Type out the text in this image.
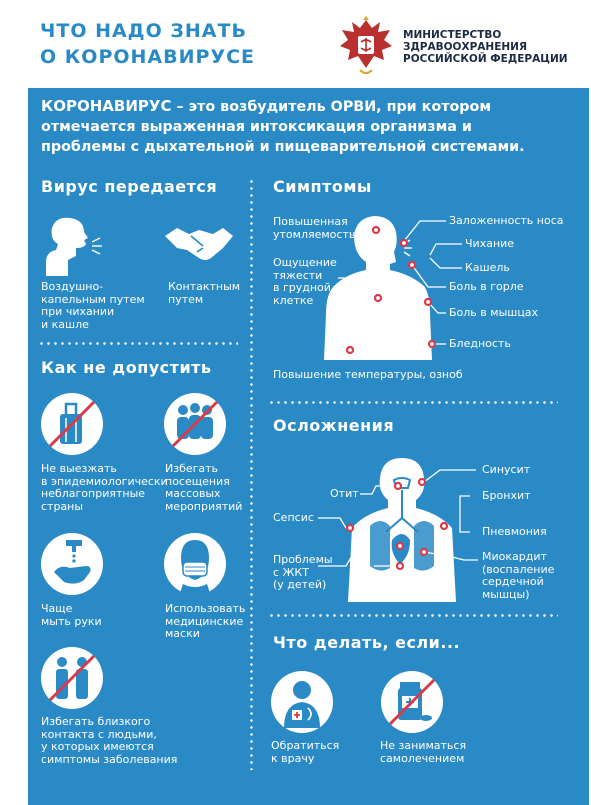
ЧТО НАДО ЗНАТЬ
О КОРОНАВИРУСЕ
МИНИСТЕРСТВО
ЗДРАВООХРАНЕНИЯ
РОССИЙСКОЙ ФЕДЕРАЦИИ
КОРОНАВИРУС – это возбудитель ОРВИ, при котором отмечается выраженная интоксикация организма и проблемы с дыхательной и пищеварительной системами.
Вирус передается
Воздушно-
капельным путем
при чихании
и кашле
Контактным
путем
Как не допустить
Не выезжать
в эпидемиологически
неблагоприятные
страны
Избегать
посещения
массовых
мероприятий
Чаще
мыть руки
Использовать
медицинские
маски
Избегать близкого
контакта с людьми,
у которых имеются
симптомы заболевания
Симптомы
Повышенная
утомляемость
Ощущение
тяжести
в грудной
клетке
Заложенность носа
Чихание
Кашель
Боль в горле
Боль в мышцах
Бледность
Повышение температуры, озноб
Осложнения
Отит
Синусит
Бронхит
Сепсис
Пневмония
Проблемы
с ЖКТ
(у детей)
Миокардит
(воспаление
сердечной
мышцы)
Что делать, если...
Обратиться
к врачу
Не заниматься
самолечением
